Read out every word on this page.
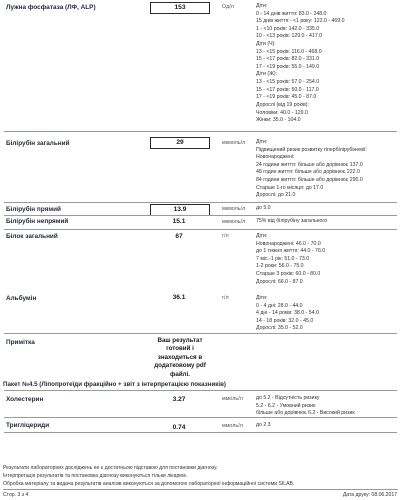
Лужна фосфатаза (ЛФ, ALP)	153	Од/л	Діти:
0 - 14 днів життя: 83.0 - 248.0
15 днів життя - <1 року: 122.0 - 469.0
1 - <10 років: 142.0 - 335.0
10 - <13 років: 129.0 - 417.0
Діти (Ч):
13 - <15 років: 116.0 - 468.0
15 - <17 років: 82.0 - 331.0
17 - <19 років: 55.0 - 149.0
Діти (Ж):
13 - <15 років: 57.0 - 254.0
15 - <17 років: 50.0 - 117.0
17 - <19 років: 45.0 - 87.0
Дорослі (від 19 років):
Чоловіки: 40.0 - 129.0
Жінки: 35.0 - 104.0
Білірубін загальний	29	мкмоль/л Діти:
Підвищений ризик розвитку гіпербілірубінемії:
Новонароджені:
24 години життя: більше або дорівнює 137.0
48 годин життя: більше або дорівнює 222.0
84 години життя: більше або дорівнює 290.0
Старше 1-го місяця: до 17.0
Дорослі: до 21.0
Білірубін прямий	13.9	мкмоль/л до 5.0
Білірубін непрямий	15.1	мкмоль/л 75% від білірубіну загального
Білок загальний	67	г/л	Діти:
Новонароджені: 46.0 - 70.0
до 1 тижня життя: 44.0 - 76.0
7 міс.-1 рік: 51.0 - 73.0
1-2 роки: 56.0 - 75.0
Старше 3 років: 60.0 - 80.0
Дорослі: 66.0 - 87.0
Альбумін	36.1	г/л	Діти:
0 - 4 дні: 28.0 - 44.0
4 дні - 14 років: 38.0 - 54.0
14 - 18 років: 32.0 - 45.0
Дорослі: 35.0 - 52.0
Примітка	Ваш результат
готовий і
знаходиться в
додатковому pdf
файлі.
Пакет №4.5 (Ліпопротеїди фракційно + звіт з інтерпретацією показників)
Холестерин	3.27	ммоль/л	до 5.2 - Відсутність ризику
5.2 - 6.2 - Умовний ризик
більше або дорівнює 6.2 - Високий ризик
Тригліцериди	0.74	ммоль/л	до 2.3
Результати лабораторних досліджень не є достатньою підставою для постановки діагнозу.
Інтерпретація результатів та постановка діагнозу виконуються тільки лікарем.
Обробка матеріалу та видача результатів аналізів виконуються за допомогою лабораторної інформаційної системи SILAB.
Стор. 3 з 4	Дата друку: 08.06.2017
